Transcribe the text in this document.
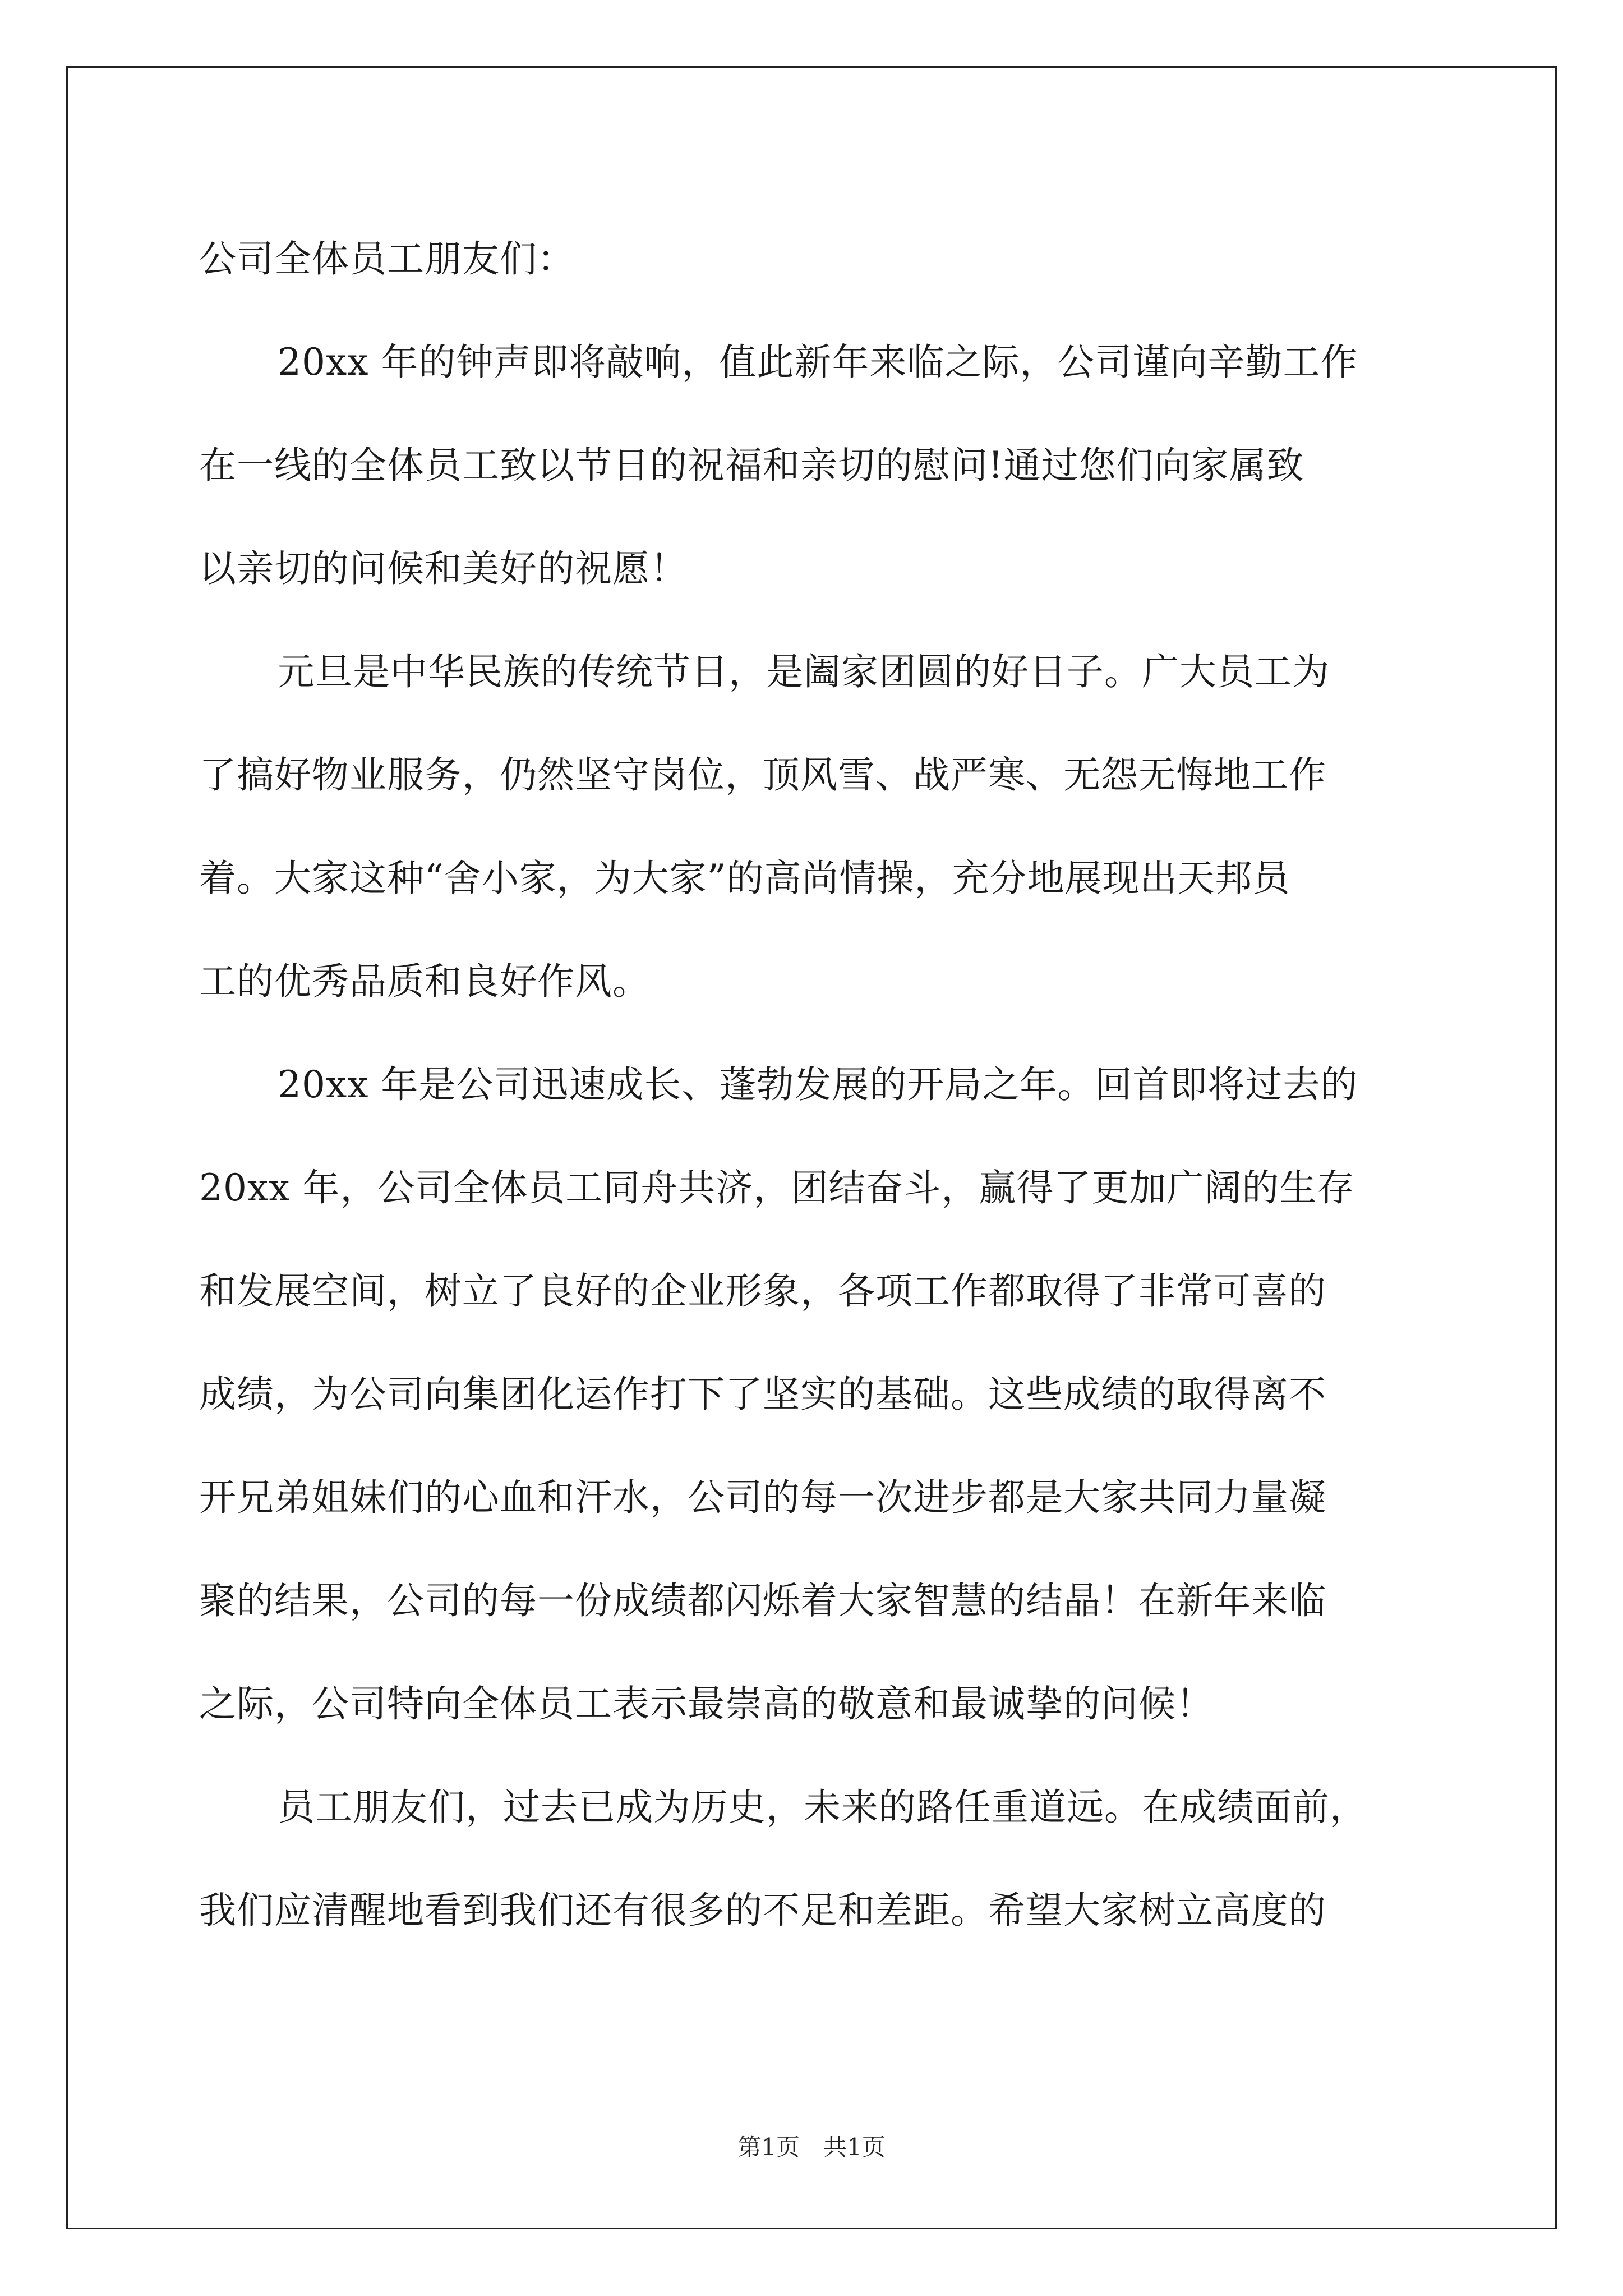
公司全体员工朋友们：
20xx 年的钟声即将敲响，值此新年来临之际，公司谨向辛勤工作
在一线的全体员工致以节日的祝福和亲切的慰问!通过您们向家属致
以亲切的问候和美好的祝愿！
元旦是中华民族的传统节日，是阖家团圆的好日子。广大员工为
了搞好物业服务，仍然坚守岗位，顶风雪、战严寒、无怨无悔地工作
着。大家这种“舍小家，为大家”的高尚情操，充分地展现出天邦员
工的优秀品质和良好作风。
20xx 年是公司迅速成长、蓬勃发展的开局之年。回首即将过去的
20xx 年，公司全体员工同舟共济，团结奋斗，赢得了更加广阔的生存
和发展空间，树立了良好的企业形象，各项工作都取得了非常可喜的
成绩，为公司向集团化运作打下了坚实的基础。这些成绩的取得离不
开兄弟姐妹们的心血和汗水，公司的每一次进步都是大家共同力量凝
聚的结果，公司的每一份成绩都闪烁着大家智慧的结晶！在新年来临
之际，公司特向全体员工表示最崇高的敬意和最诚挚的问候！
员工朋友们，过去已成为历史，未来的路任重道远。在成绩面前，
我们应清醒地看到我们还有很多的不足和差距。希望大家树立高度的
第1页　共1页
